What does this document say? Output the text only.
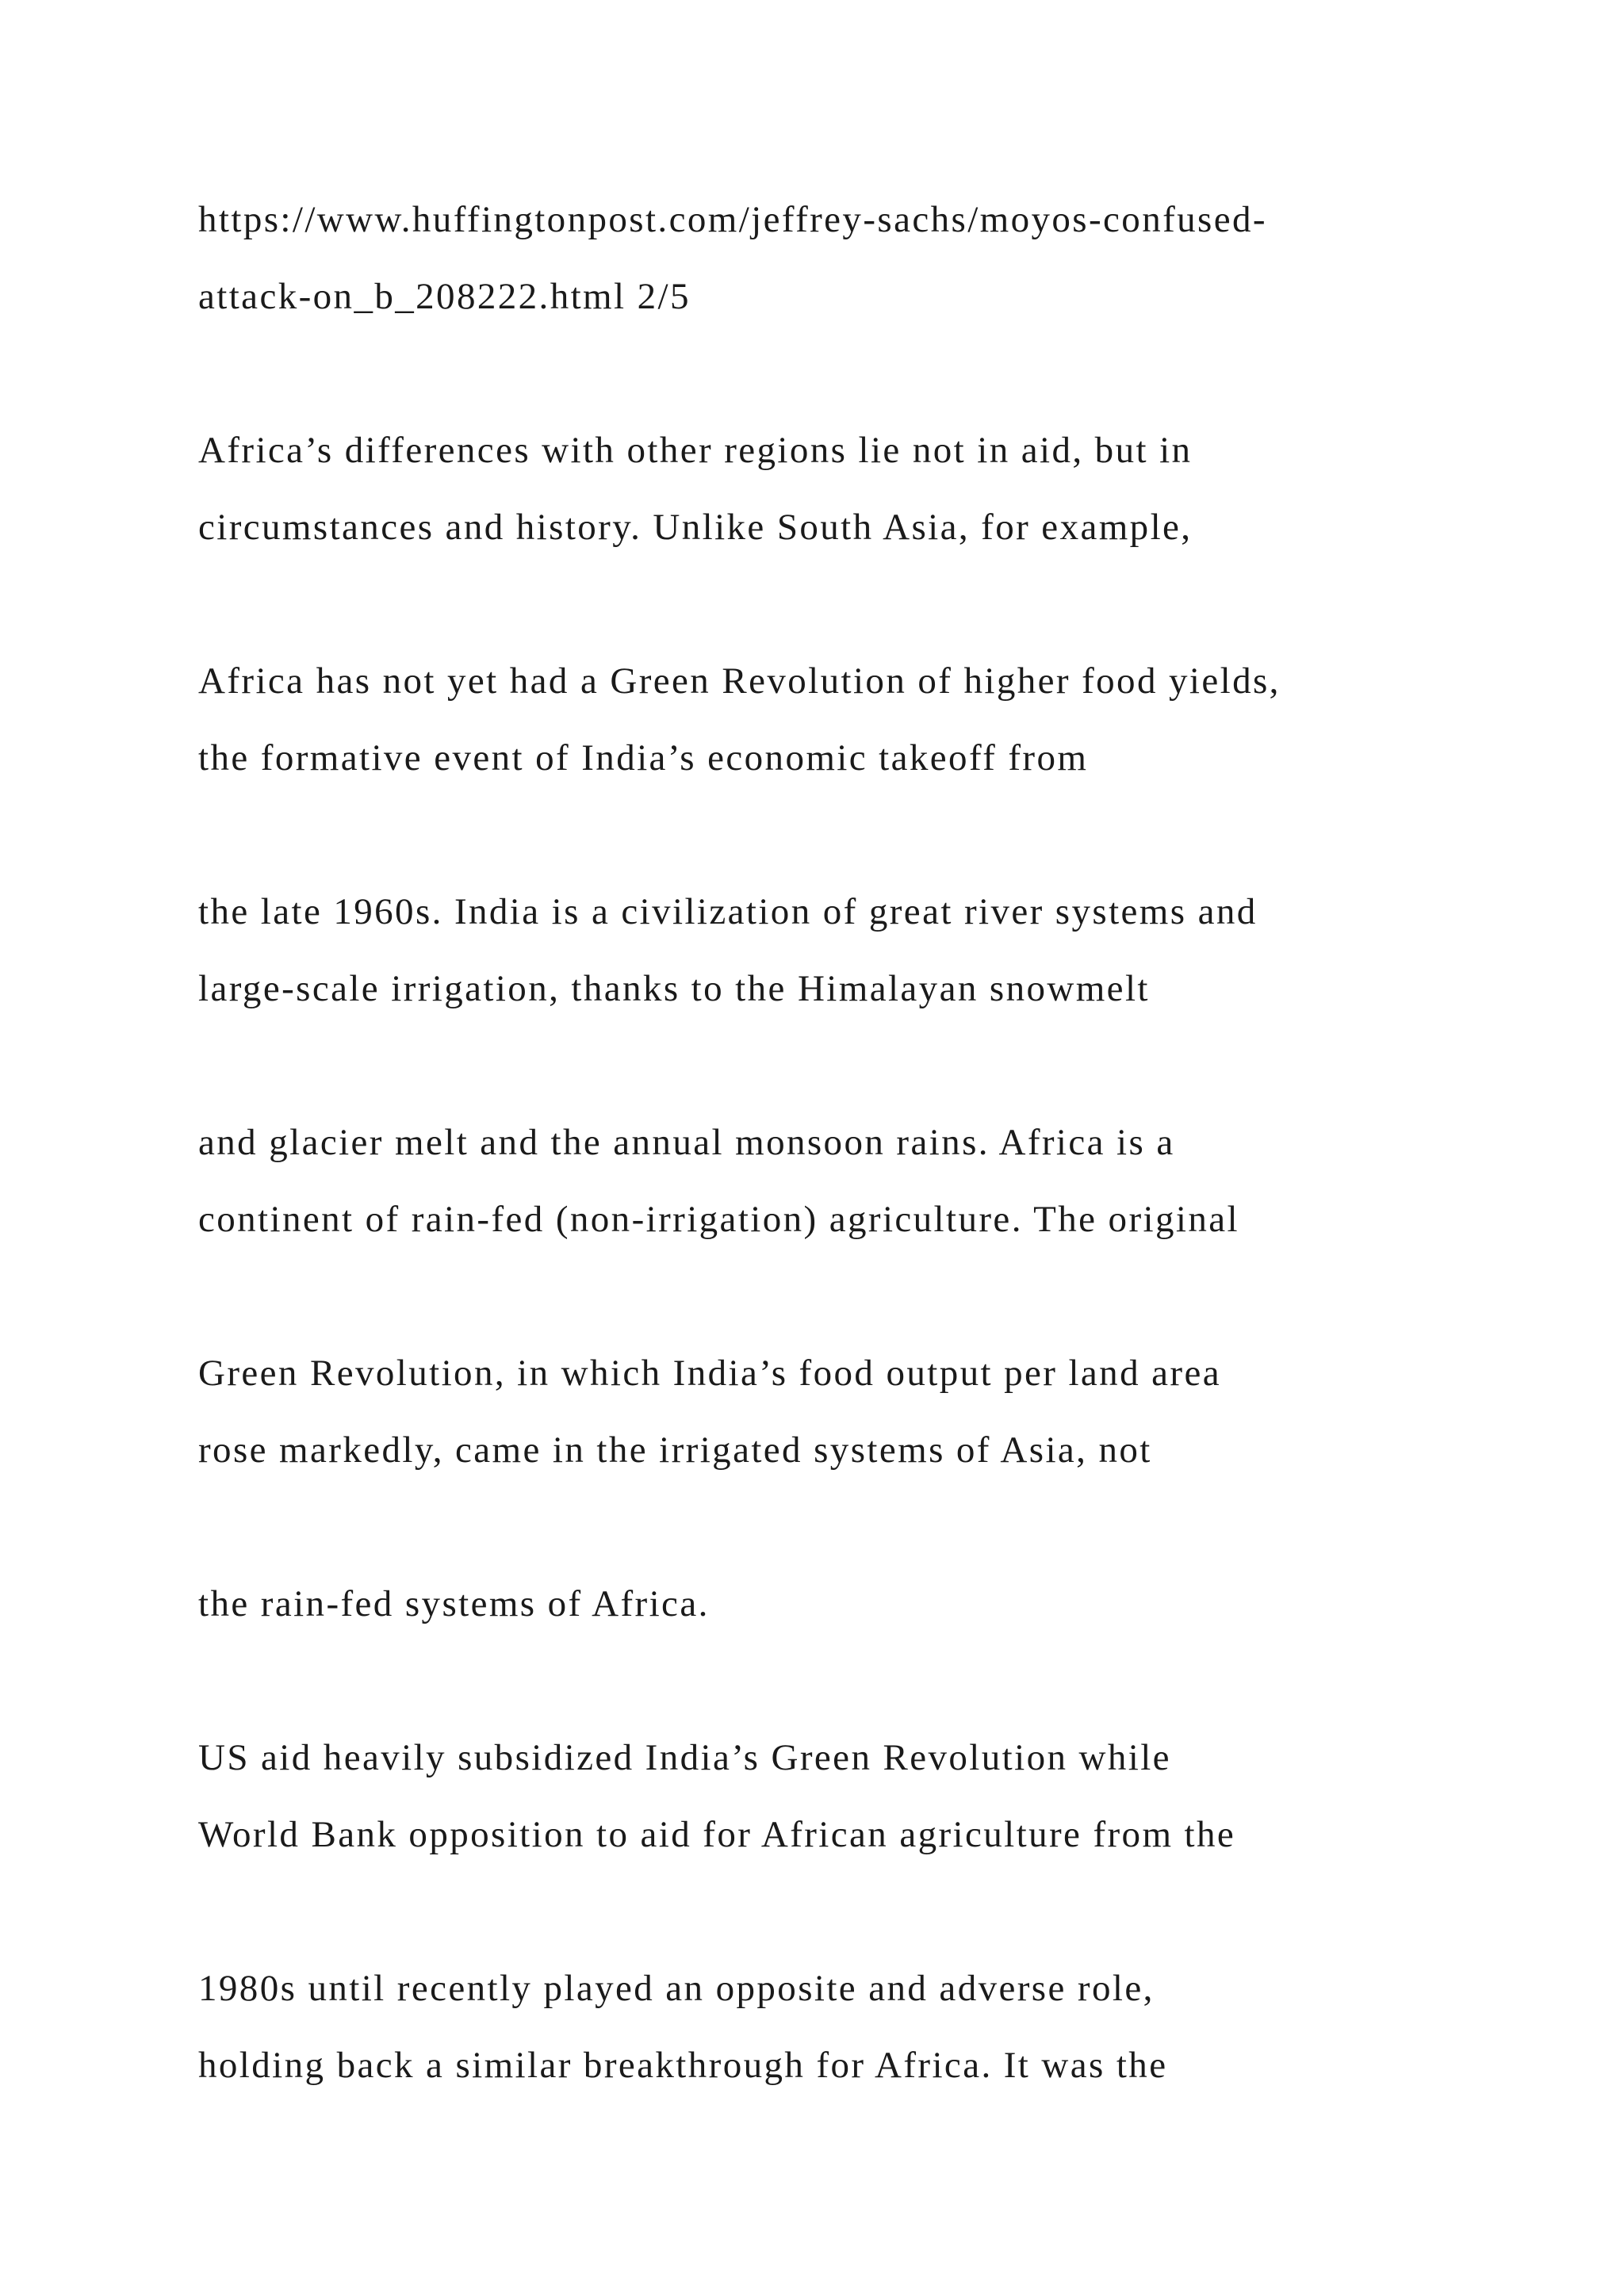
https://www.huffingtonpost.com/jeffrey-sachs/moyos-confused-
attack-on_b_208222.html 2/5
Africa’s differences with other regions lie not in aid, but in
circumstances and history. Unlike South Asia, for example,
Africa has not yet had a Green Revolution of higher food yields,
the formative event of India’s economic takeoff from
the late 1960s. India is a civilization of great river systems and
large-scale irrigation, thanks to the Himalayan snowmelt
and glacier melt and the annual monsoon rains. Africa is a
continent of rain-fed (non-irrigation) agriculture. The original
Green Revolution, in which India’s food output per land area
rose markedly, came in the irrigated systems of Asia, not
the rain-fed systems of Africa.
US aid heavily subsidized India’s Green Revolution while
World Bank opposition to aid for African agriculture from the
1980s until recently played an opposite and adverse role,
holding back a similar breakthrough for Africa. It was the
